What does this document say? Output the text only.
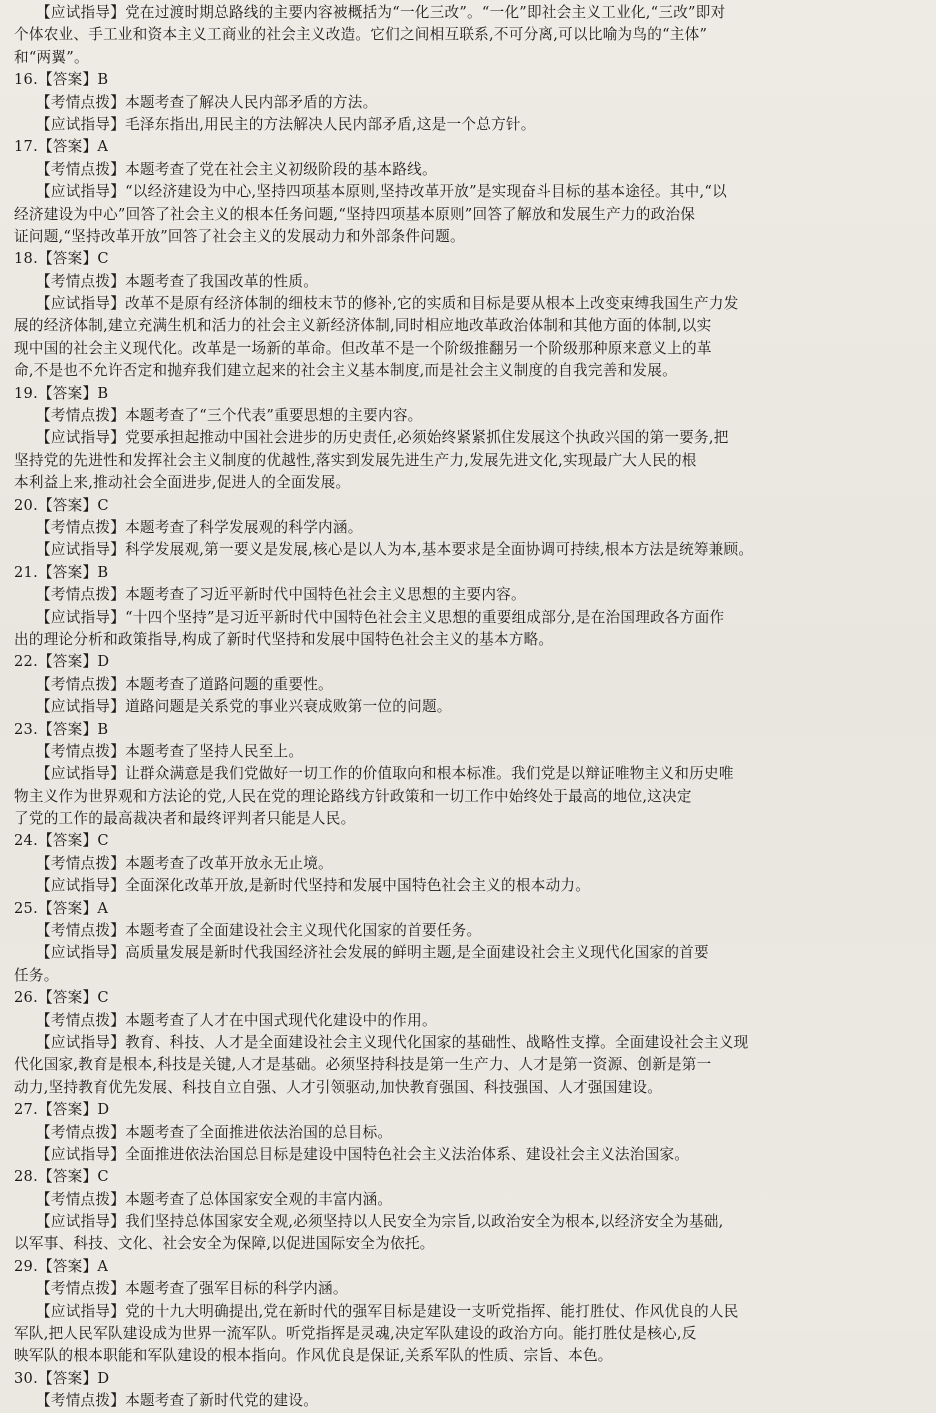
【应试指导】党在过渡时期总路线的主要内容被概括为“一化三改”。“一化”即社会主义工业化,“三改”即对
个体农业、手工业和资本主义工商业的社会主义改造。它们之间相互联系,不可分离,可以比喻为鸟的“主体”
和“两翼”。
16.【答案】B
【考情点拨】本题考查了解决人民内部矛盾的方法。
【应试指导】毛泽东指出,用民主的方法解决人民内部矛盾,这是一个总方针。
17.【答案】A
【考情点拨】本题考查了党在社会主义初级阶段的基本路线。
【应试指导】“以经济建设为中心,坚持四项基本原则,坚持改革开放”是实现奋斗目标的基本途径。其中,“以
经济建设为中心”回答了社会主义的根本任务问题,“坚持四项基本原则”回答了解放和发展生产力的政治保
证问题,“坚持改革开放”回答了社会主义的发展动力和外部条件问题。
18.【答案】C
【考情点拨】本题考查了我国改革的性质。
【应试指导】改革不是原有经济体制的细枝末节的修补,它的实质和目标是要从根本上改变束缚我国生产力发
展的经济体制,建立充满生机和活力的社会主义新经济体制,同时相应地改革政治体制和其他方面的体制,以实
现中国的社会主义现代化。改革是一场新的革命。但改革不是一个阶级推翻另一个阶级那种原来意义上的革
命,不是也不允许否定和抛弃我们建立起来的社会主义基本制度,而是社会主义制度的自我完善和发展。
19.【答案】B
【考情点拨】本题考查了“三个代表”重要思想的主要内容。
【应试指导】党要承担起推动中国社会进步的历史责任,必须始终紧紧抓住发展这个执政兴国的第一要务,把
坚持党的先进性和发挥社会主义制度的优越性,落实到发展先进生产力,发展先进文化,实现最广大人民的根
本利益上来,推动社会全面进步,促进人的全面发展。
20.【答案】C
【考情点拨】本题考查了科学发展观的科学内涵。
【应试指导】科学发展观,第一要义是发展,核心是以人为本,基本要求是全面协调可持续,根本方法是统筹兼顾。
21.【答案】B
【考情点拨】本题考查了习近平新时代中国特色社会主义思想的主要内容。
【应试指导】“十四个坚持”是习近平新时代中国特色社会主义思想的重要组成部分,是在治国理政各方面作
出的理论分析和政策指导,构成了新时代坚持和发展中国特色社会主义的基本方略。
22.【答案】D
【考情点拨】本题考查了道路问题的重要性。
【应试指导】道路问题是关系党的事业兴衰成败第一位的问题。
23.【答案】B
【考情点拨】本题考查了坚持人民至上。
【应试指导】让群众满意是我们党做好一切工作的价值取向和根本标准。我们党是以辩证唯物主义和历史唯
物主义作为世界观和方法论的党,人民在党的理论路线方针政策和一切工作中始终处于最高的地位,这决定
了党的工作的最高裁决者和最终评判者只能是人民。
24.【答案】C
【考情点拨】本题考查了改革开放永无止境。
【应试指导】全面深化改革开放,是新时代坚持和发展中国特色社会主义的根本动力。
25.【答案】A
【考情点拨】本题考查了全面建设社会主义现代化国家的首要任务。
【应试指导】高质量发展是新时代我国经济社会发展的鲜明主题,是全面建设社会主义现代化国家的首要
任务。
26.【答案】C
【考情点拨】本题考查了人才在中国式现代化建设中的作用。
【应试指导】教育、科技、人才是全面建设社会主义现代化国家的基础性、战略性支撑。全面建设社会主义现
代化国家,教育是根本,科技是关键,人才是基础。必须坚持科技是第一生产力、人才是第一资源、创新是第一
动力,坚持教育优先发展、科技自立自强、人才引领驱动,加快教育强国、科技强国、人才强国建设。
27.【答案】D
【考情点拨】本题考查了全面推进依法治国的总目标。
【应试指导】全面推进依法治国总目标是建设中国特色社会主义法治体系、建设社会主义法治国家。
28.【答案】C
【考情点拨】本题考查了总体国家安全观的丰富内涵。
【应试指导】我们坚持总体国家安全观,必须坚持以人民安全为宗旨,以政治安全为根本,以经济安全为基础,
以军事、科技、文化、社会安全为保障,以促进国际安全为依托。
29.【答案】A
【考情点拨】本题考查了强军目标的科学内涵。
【应试指导】党的十九大明确提出,党在新时代的强军目标是建设一支听党指挥、能打胜仗、作风优良的人民
军队,把人民军队建设成为世界一流军队。听党指挥是灵魂,决定军队建设的政治方向。能打胜仗是核心,反
映军队的根本职能和军队建设的根本指向。作风优良是保证,关系军队的性质、宗旨、本色。
30.【答案】D
【考情点拨】本题考查了新时代党的建设。
